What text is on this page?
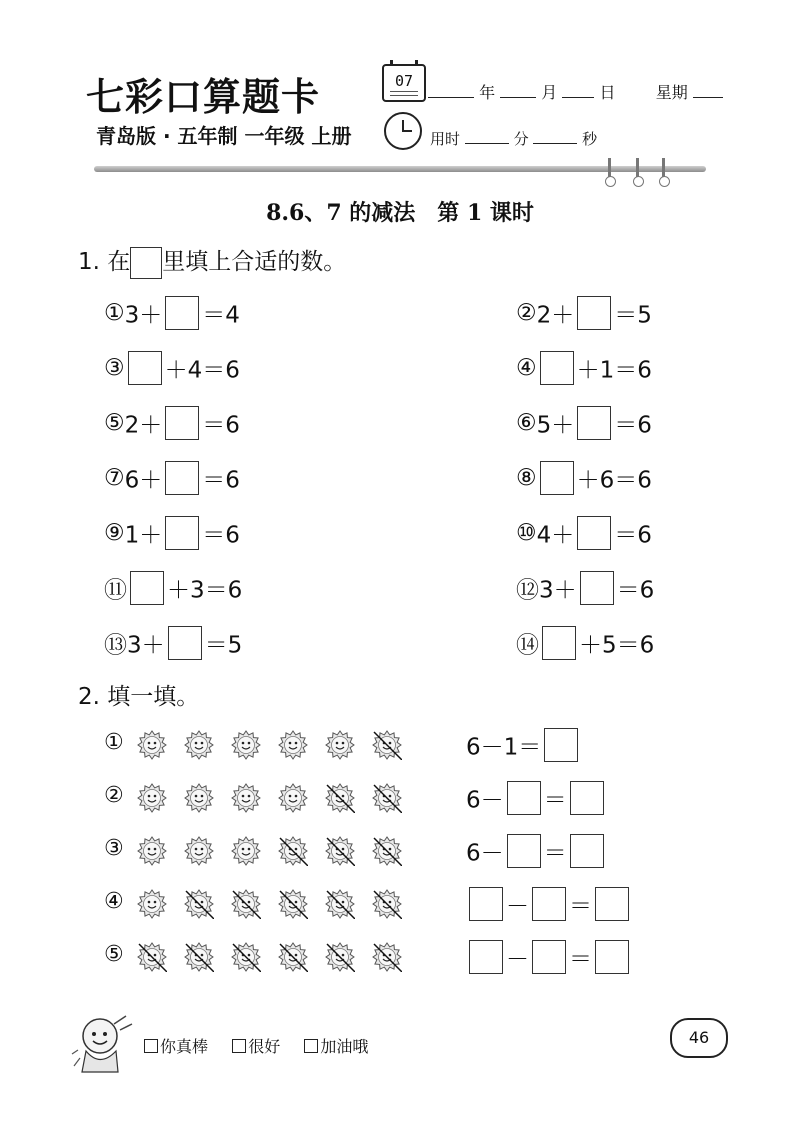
七彩口算题卡	07
年	月	日	星期
青岛版 · 五年制 一年级 上册	用时	分	秒
8.6、7 的减法　第 1 课时
1. 在 里填上合适的数。
①3＋ ＝4	②2＋ ＝5
③ ＋4＝6	④ ＋1＝6
⑤2＋ ＝6	⑥5＋ ＝6
⑦6＋ ＝6	⑧ ＋6＝6
⑨1＋ ＝6	⑩4＋ ＝6
⑪ ＋3＝6	⑫3＋ ＝6
⑬3＋ ＝5	⑭ ＋5＝6
2. 填一填。
①	6－1＝
②	6－ ＝
③	6－ ＝
④	－ ＝
⑤	－ ＝
你真棒	很好	加油哦	46
